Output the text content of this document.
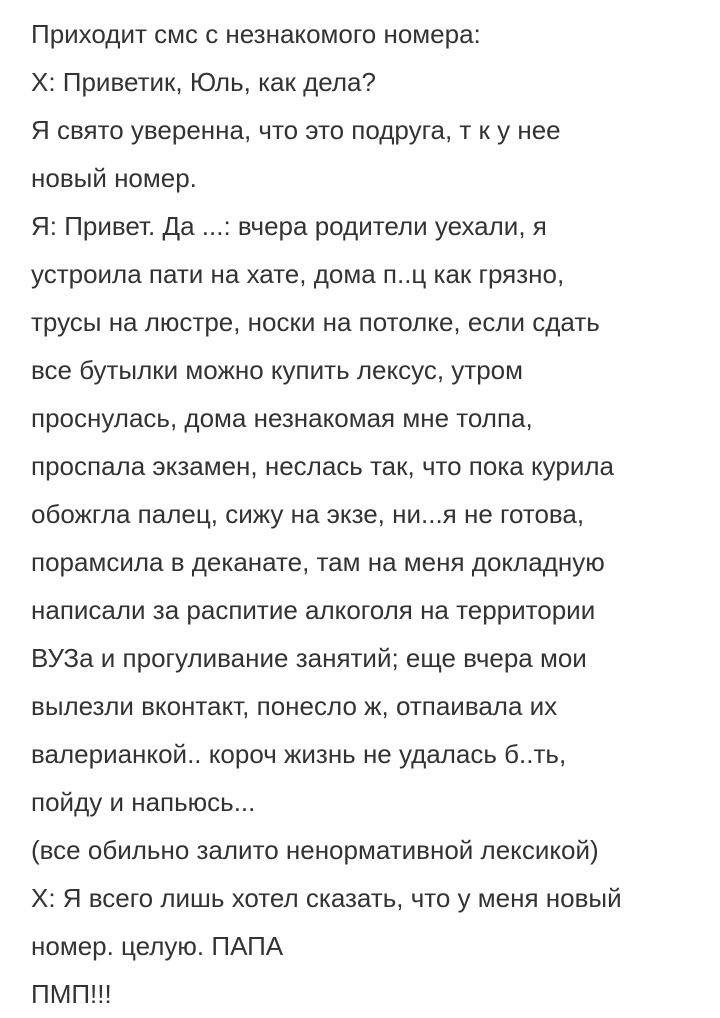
Приходит смс с незнакомого номера:
Х: Приветик, Юль, как дела?
Я свято уверенна, что это подруга, т к у нее
новый номер.
Я: Привет. Да ...: вчера родители уехали, я
устроила пати на хате, дома п..ц как грязно,
трусы на люстре, носки на потолке, если сдать
все бутылки можно купить лексус, утром
проснулась, дома незнакомая мне толпа,
проспала экзамен, неслась так, что пока курила
обожгла палец, сижу на экзе, ни...я не готова,
порамсила в деканате, там на меня докладную
написали за распитие алкоголя на территории
ВУЗа и прогуливание занятий; еще вчера мои
вылезли вконтакт, понесло ж, отпаивала их
валерианкой.. короч жизнь не удалась б..ть,
пойду и напьюсь...
(все обильно залито ненормативной лексикой)
Х: Я всего лишь хотел сказать, что у меня новый
номер. целую. ПАПА
ПМП!!!
